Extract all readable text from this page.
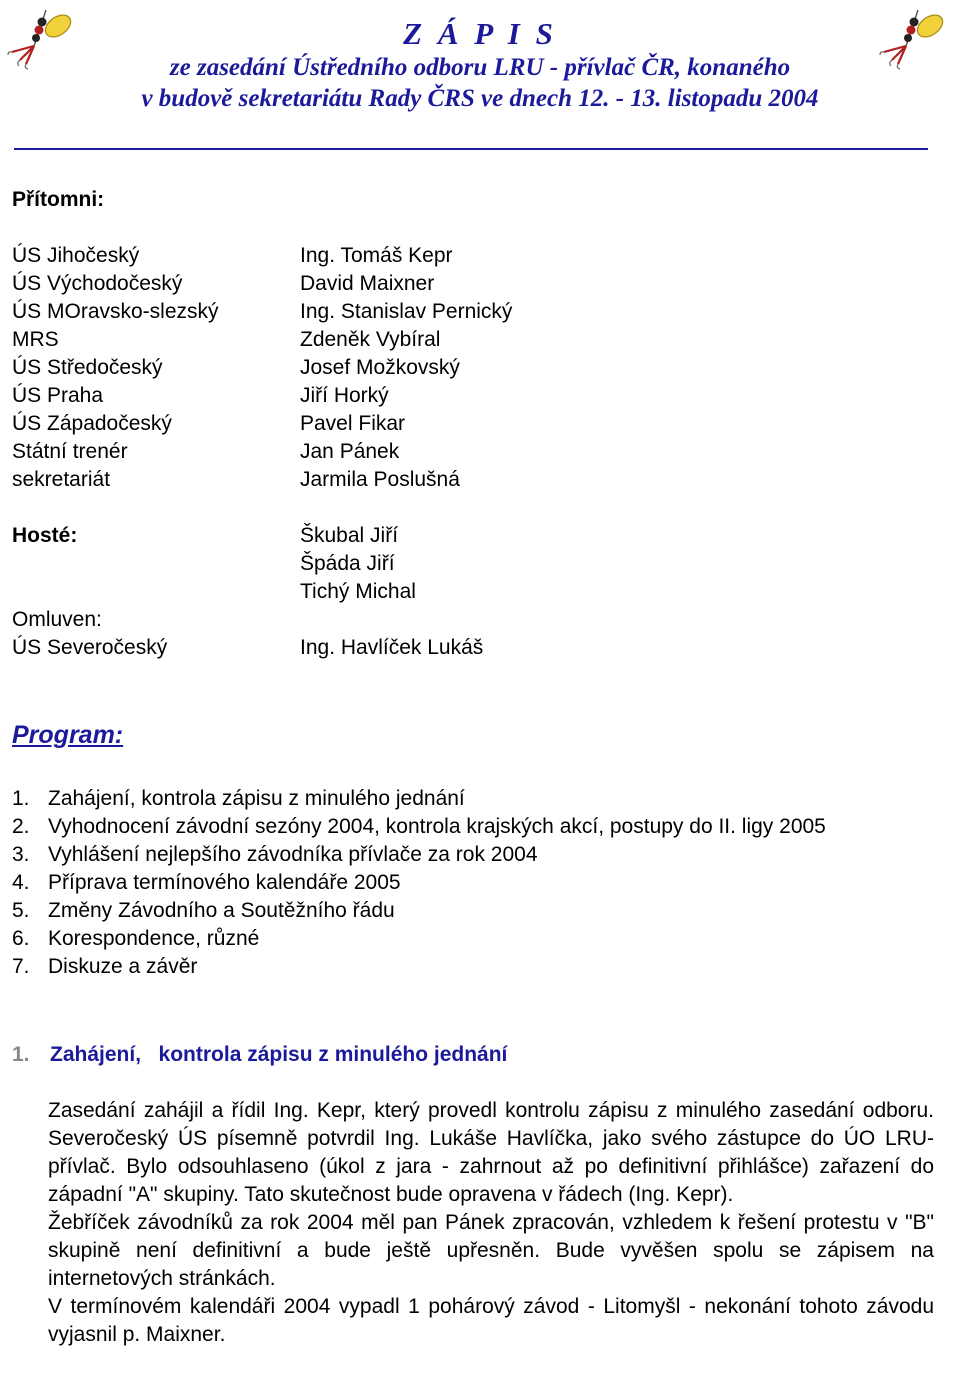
Z Á P I S
ze zasedání Ústředního odboru LRU - přívlač ČR, konaného
v budově sekretariátu Rady ČRS ve dnech 12. - 13. listopadu 2004
Přítomni:
ÚS Jihočeský
ÚS Východočeský
ÚS MOravsko-slezský
MRS
ÚS Středočeský
ÚS Praha
ÚS Západočeský
Státní trenér
sekretariát
Ing. Tomáš Kepr
David Maixner
Ing. Stanislav Pernický
Zdeněk Vybíral
Josef Možkovský
Jiří Horký
Pavel Fikar
Jan Pánek
Jarmila Poslušná
Hosté:	Škubal Jiří
Špáda Jiří
Tichý Michal
Omluven:
ÚS Severočeský	Ing. Havlíček Lukáš
Program:
1. Zahájení, kontrola zápisu z minulého jednání
2. Vyhodnocení závodní sezóny 2004, kontrola krajských akcí, postupy do II. ligy 2005
3. Vyhlášení nejlepšího závodníka přívlače za rok 2004
4. Příprava termínového kalendáře 2005
5. Změny Závodního a Soutěžního řádu
6. Korespondence, různé
7. Diskuze a závěr
1. Zahájení,   kontrola zápisu z minulého jednání

Zasedání zahájil a řídil Ing. Kepr, který provedl kontrolu zápisu z minulého zasedání odboru. Severočeský ÚS písemně potvrdil Ing. Lukáše Havlíčka, jako svého zástupce do ÚO LRU-přívlač. Bylo odsouhlaseno (úkol z jara - zahrnout až po definitivní přihlášce) zařazení do západní "A" skupiny. Tato skutečnost bude opravena v řádech (Ing. Kepr).

Žebříček závodníků za rok 2004 měl pan Pánek zpracován, vzhledem k řešení protestu v "B" skupině není definitivní a bude ještě upřesněn. Bude vyvěšen spolu se zápisem na internetových stránkách.

V termínovém kalendáři 2004 vypadl 1 pohárový závod - Litomyšl - nekonání tohoto závodu vyjasnil p. Maixner.
